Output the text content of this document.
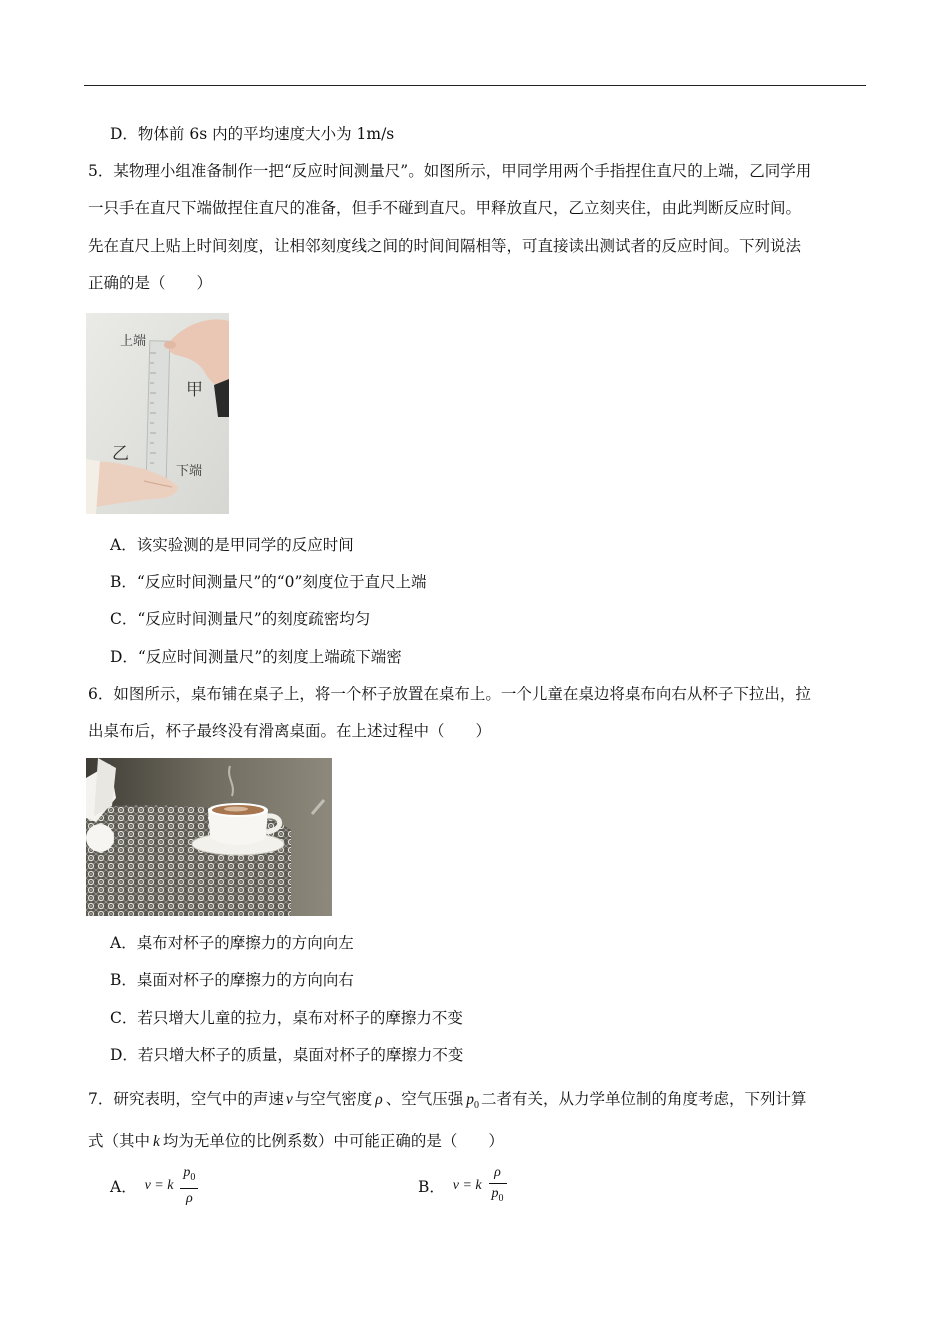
D．物体前 6s 内的平均速度大小为 1m/s
5．某物理小组准备制作一把“反应时间测量尺”。如图所示，甲同学用两个手指捏住直尺的上端，乙同学用
一只手在直尺下端做捏住直尺的准备，但手不碰到直尺。甲释放直尺，乙立刻夹住，由此判断反应时间。
先在直尺上贴上时间刻度，让相邻刻度线之间的时间间隔相等，可直接读出测试者的反应时间。下列说法
正确的是（　　）
上端
甲
乙
下端
A．该实验测的是甲同学的反应时间
B．“反应时间测量尺”的“0”刻度位于直尺上端
C．“反应时间测量尺”的刻度疏密均匀
D．“反应时间测量尺”的刻度上端疏下端密
6．如图所示，桌布铺在桌子上，将一个杯子放置在桌布上。一个儿童在桌边将桌布向右从杯子下拉出，拉
出桌布后，杯子最终没有滑离桌面。在上述过程中（　　）
A．桌布对杯子的摩擦力的方向向左
B．桌面对杯子的摩擦力的方向向右
C．若只增大儿童的拉力，桌布对杯子的摩擦力不变
D．若只增大杯子的质量，桌面对杯子的摩擦力不变
7．研究表明，空气中的声速 v 与空气密度 ρ 、空气压强 $p_0$ 二者有关，从力学单位制的角度考虑，下列计算
式（其中 k 均为无单位的比例系数）中可能正确的是（　　）
A． v = k $\frac{p_0}{\rho}$	B． v = k $\frac{\rho}{p_0}$
